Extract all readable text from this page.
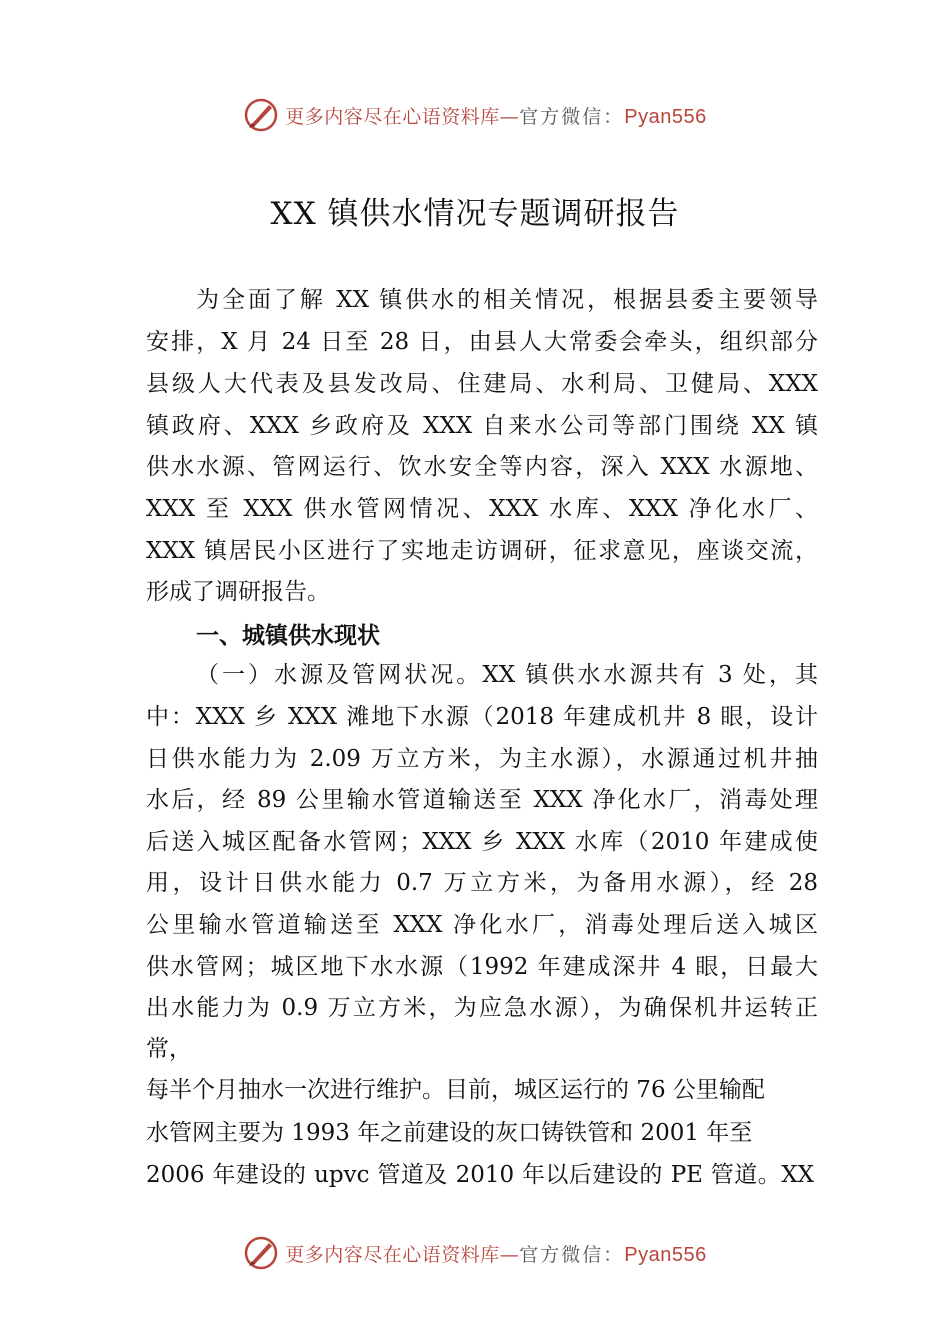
更多内容尽在心语资料库—官方微信：Pyan556
XX 镇供水情况专题调研报告
为全面了解 XX 镇供水的相关情况，根据县委主要领导
安排，X 月 24 日至 28 日，由县人大常委会牵头，组织部分
县级人大代表及县发改局、住建局、水利局、卫健局、XXX
镇政府、XXX 乡政府及 XXX 自来水公司等部门围绕 XX 镇
供水水源、管网运行、饮水安全等内容，深入 XXX 水源地、
XXX 至 XXX 供水管网情况、XXX 水库、XXX 净化水厂、
XXX 镇居民小区进行了实地走访调研，征求意见，座谈交流，
形成了调研报告。
一、城镇供水现状
（一）水源及管网状况。XX 镇供水水源共有 3 处，其
中：XXX 乡 XXX 滩地下水源（2018 年建成机井 8 眼，设计
日供水能力为 2.09 万立方米，为主水源），水源通过机井抽
水后，经 89 公里输水管道输送至 XXX 净化水厂，消毒处理
后送入城区配备水管网；XXX 乡 XXX 水库（2010 年建成使
用，设计日供水能力 0.7 万立方米，为备用水源），经 28
公里输水管道输送至 XXX 净化水厂，消毒处理后送入城区
供水管网；城区地下水水源（1992 年建成深井 4 眼，日最大
出水能力为 0.9 万立方米，为应急水源），为确保机井运转正
常，
每半个月抽水一次进行维护。目前，城区运行的 76 公里输配
水管网主要为 1993 年之前建设的灰口铸铁管和 2001 年至
2006 年建设的 upvc 管道及 2010 年以后建设的 PE 管道。XX
更多内容尽在心语资料库—官方微信：Pyan556
